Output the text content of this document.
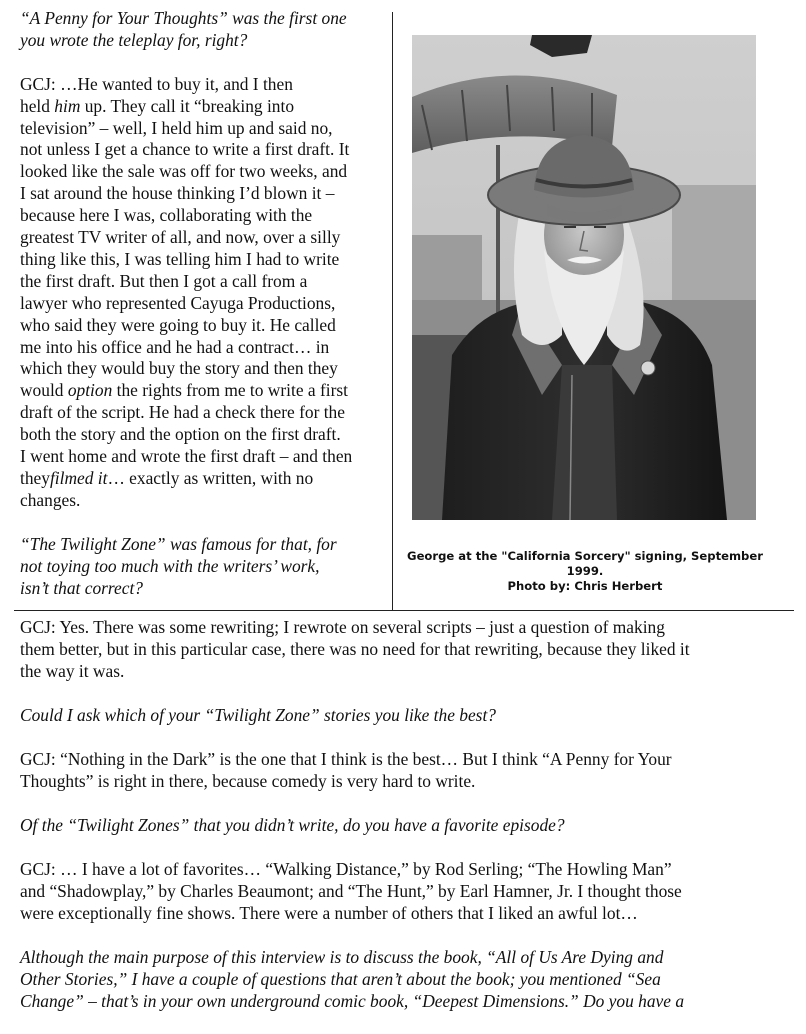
“A Penny for Your Thoughts” was the first one
you wrote the teleplay for, right?

GCJ: …He wanted to buy it, and I then
held him up. They call it “breaking into
television” – well, I held him up and said no,
not unless I get a chance to write a first draft. It
looked like the sale was off for two weeks, and
I sat around the house thinking I’d blown it –
because here I was, collaborating with the
greatest TV writer of all, and now, over a silly
thing like this, I was telling him I had to write
the first draft. But then I got a call from a
lawyer who represented Cayuga Productions,
who said they were going to buy it. He called
me into his office and he had a contract… in
which they would buy the story and then they
would option the rights from me to write a first
draft of the script. He had a check there for the
both the story and the option on the first draft.
I went home and wrote the first draft – and then
theyfilmed it… exactly as written, with no
changes.

“The Twilight Zone” was famous for that, for
not toying too much with the writers’ work,
isn’t that correct?

George at the "California Sorcery" signing, September 1999.
Photo by: Chris Herbert

GCJ: Yes. There was some rewriting; I rewrote on several scripts – just a question of making
them better, but in this particular case, there was no need for that rewriting, because they liked it
the way it was.

Could I ask which of your “Twilight Zone” stories you like the best?

GCJ: “Nothing in the Dark” is the one that I think is the best… But I think “A Penny for Your
Thoughts” is right in there, because comedy is very hard to write.

Of the “Twilight Zones” that you didn’t write, do you have a favorite episode?

GCJ: … I have a lot of favorites… “Walking Distance,” by Rod Serling; “The Howling Man”
and “Shadowplay,” by Charles Beaumont; and “The Hunt,” by Earl Hamner, Jr. I thought those
were exceptionally fine shows. There were a number of others that I liked an awful lot…

Although the main purpose of this interview is to discuss the book, “All of Us Are Dying and
Other Stories,” I have a couple of questions that aren’t about the book; you mentioned “Sea
Change” – that’s in your own underground comic book, “Deepest Dimensions.” Do you have a
